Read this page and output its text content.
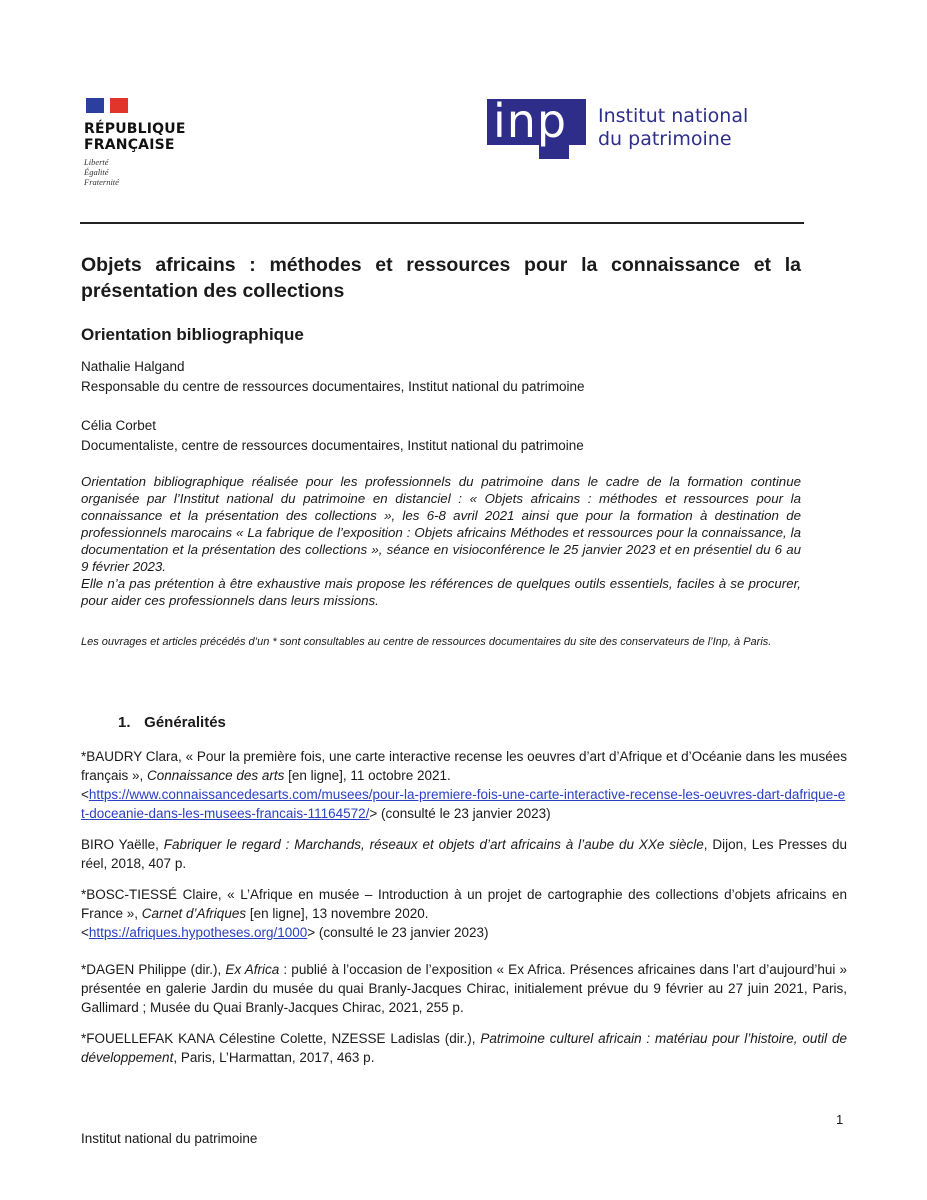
RÉPUBLIQUE
FRANÇAISE
Liberté
Égalité
Fraternité
inp Institut national
du patrimoine
Objets africains : méthodes et ressources pour la connaissance et la présentation des collections
Orientation bibliographique
Nathalie Halgand
Responsable du centre de ressources documentaires, Institut national du patrimoine
Célia Corbet
Documentaliste, centre de ressources documentaires, Institut national du patrimoine

Orientation bibliographique réalisée pour les professionnels du patrimoine dans le cadre de la formation continue organisée par l’Institut national du patrimoine en distanciel : « Objets africains : méthodes et ressources pour la connaissance et la présentation des collections », les 6-8 avril 2021 ainsi que pour la formation à destination de professionnels marocains « La fabrique de l’exposition : Objets africains Méthodes et ressources pour la connaissance, la documentation et la présentation des collections », séance en visioconférence le 25 janvier 2023 et en présentiel du 6 au 9 février 2023.

Elle n’a pas prétention à être exhaustive mais propose les références de quelques outils essentiels, faciles à se procurer, pour aider ces professionnels dans leurs missions.

Les ouvrages et articles précédés d’un * sont consultables au centre de ressources documentaires du site des conservateurs de l’Inp, à Paris.
1. Généralités
*BAUDRY Clara, « Pour la première fois, une carte interactive recense les oeuvres d’art d’Afrique et d’Océanie dans les musées français », Connaissance des arts [en ligne], 11 octobre 2021.
<https://www.connaissancedesarts.com/musees/pour-la-premiere-fois-une-carte-interactive-recense-les-oeuvres-dart-dafrique-et-doceanie-dans-les-musees-francais-11164572/> (consulté le 23 janvier 2023)
BIRO Yaëlle, Fabriquer le regard : Marchands, réseaux et objets d’art africains à l’aube du XXe siècle, Dijon, Les Presses du réel, 2018, 407 p.
*BOSC-TIESSÉ Claire, « L’Afrique en musée – Introduction à un projet de cartographie des collections d’objets africains en France », Carnet d’Afriques [en ligne], 13 novembre 2020.
<https://afriques.hypotheses.org/1000> (consulté le 23 janvier 2023)
*DAGEN Philippe (dir.), Ex Africa : publié à l’occasion de l’exposition « Ex Africa. Présences africaines dans l’art d’aujourd’hui » présentée en galerie Jardin du musée du quai Branly-Jacques Chirac, initialement prévue du 9 février au 27 juin 2021, Paris, Gallimard ; Musée du Quai Branly-Jacques Chirac, 2021, 255 p.
*FOUELLEFAK KANA Célestine Colette, NZESSE Ladislas (dir.), Patrimoine culturel africain : matériau pour l’histoire, outil de développement, Paris, L’Harmattan, 2017, 463 p.
1
Institut national du patrimoine
